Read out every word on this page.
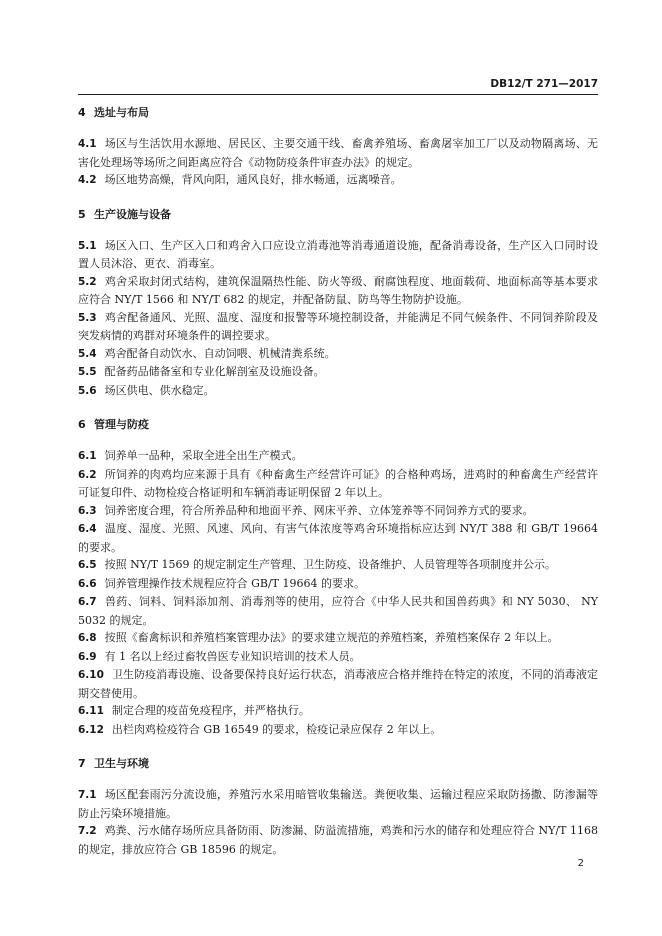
DB12/T 271—2017
4 选址与布局

4.1 场区与生活饮用水源地、居民区、主要交通干线、畜禽养殖场、畜禽屠宰加工厂以及动物隔离场、无害化处理场等场所之间距离应符合《动物防疫条件审查办法》的规定。

4.2 场区地势高燥，背风向阳，通风良好，排水畅通，远离噪音。

5 生产设施与设备

5.1 场区入口、生产区入口和鸡舍入口应设立消毒池等消毒通道设施，配备消毒设备，生产区入口同时设置人员沐浴、更衣、消毒室。

5.2 鸡舍采取封闭式结构，建筑保温隔热性能、防火等级、耐腐蚀程度、地面载荷、地面标高等基本要求应符合 NY/T 1566 和 NY/T 682 的规定，并配备防鼠、防鸟等生物防护设施。

5.3 鸡舍配备通风、光照、温度、湿度和报警等环境控制设备，并能满足不同气候条件、不同饲养阶段及突发病情的鸡群对环境条件的调控要求。

5.4 鸡舍配备自动饮水、自动饲喂、机械清粪系统。

5.5 配备药品储备室和专业化解剖室及设施设备。

5.6 场区供电、供水稳定。

6 管理与防疫

6.1 饲养单一品种，采取全进全出生产模式。

6.2 所饲养的肉鸡均应来源于具有《种畜禽生产经营许可证》的合格种鸡场，进鸡时的种畜禽生产经营许可证复印件、动物检疫合格证明和车辆消毒证明保留 2 年以上。

6.3 饲养密度合理，符合所养品种和地面平养、网床平养、立体笼养等不同饲养方式的要求。

6.4 温度、湿度、光照、风速、风向、有害气体浓度等鸡舍环境指标应达到 NY/T 388 和 GB/T 19664 的要求。

6.5 按照 NY/T 1569 的规定制定生产管理、卫生防疫、设备维护、人员管理等各项制度并公示。

6.6 饲养管理操作技术规程应符合 GB/T 19664 的要求。

6.7 兽药、饲料、饲料添加剂、消毒剂等的使用，应符合《中华人民共和国兽药典》和 NY 5030、 NY 5032 的规定。

6.8 按照《畜禽标识和养殖档案管理办法》的要求建立规范的养殖档案，养殖档案保存 2 年以上。

6.9 有 1 名以上经过畜牧兽医专业知识培训的技术人员。

6.10 卫生防疫消毒设施、设备要保持良好运行状态，消毒液应合格并维持在特定的浓度，不同的消毒液定期交替使用。

6.11 制定合理的疫苗免疫程序，并严格执行。

6.12 出栏肉鸡检疫符合 GB 16549 的要求，检疫记录应保存 2 年以上。

7 卫生与环境

7.1 场区配套雨污分流设施，养殖污水采用暗管收集输送。粪便收集、运输过程应采取防扬撒、防渗漏等防止污染环境措施。

7.2 鸡粪、污水储存场所应具备防雨、防渗漏、防溢流措施，鸡粪和污水的储存和处理应符合 NY/T 1168 的规定，排放应符合 GB 18596 的规定。

2
